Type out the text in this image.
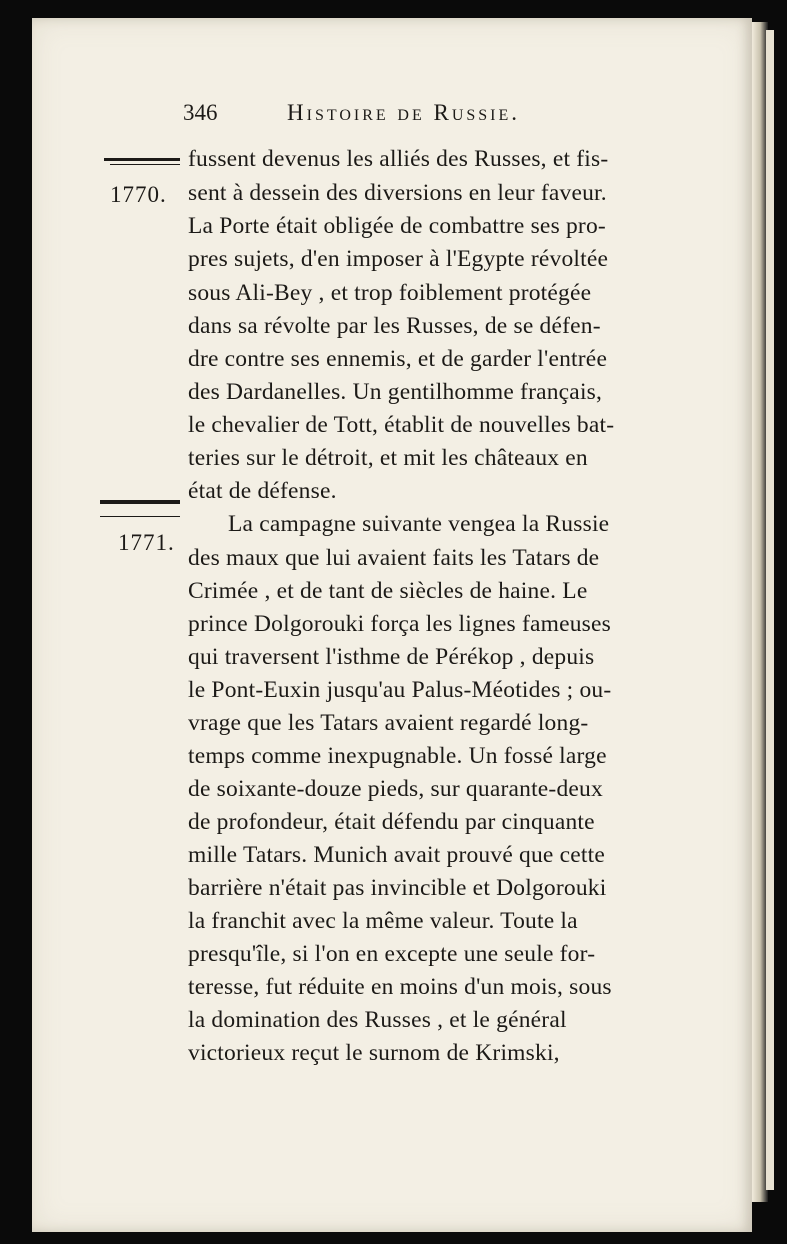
346	Histoire de Russie.
1770.
1771.
fussent devenus les alliés des Russes, et fis-
sent à dessein des diversions en leur faveur.
La Porte était obligée de combattre ses pro-
pres sujets, d'en imposer à l'Egypte révoltée
sous Ali-Bey , et trop foiblement protégée
dans sa révolte par les Russes, de se défen-
dre contre ses ennemis, et de garder l'entrée
des Dardanelles. Un gentilhomme français,
le chevalier de Tott, établit de nouvelles bat-
teries sur le détroit, et mit les châteaux en
état de défense.
La campagne suivante vengea la Russie
des maux que lui avaient faits les Tatars de
Crimée , et de tant de siècles de haine. Le
prince Dolgorouki força les lignes fameuses
qui traversent l'isthme de Pérékop , depuis
le Pont-Euxin jusqu'au Palus-Méotides ; ou-
vrage que les Tatars avaient regardé long-
temps comme inexpugnable. Un fossé large
de soixante-douze pieds, sur quarante-deux
de profondeur, était défendu par cinquante
mille Tatars. Munich avait prouvé que cette
barrière n'était pas invincible et Dolgorouki
la franchit avec la même valeur. Toute la
presqu'île, si l'on en excepte une seule for-
teresse, fut réduite en moins d'un mois, sous
la domination des Russes , et le général
victorieux reçut le surnom de Krimski,
